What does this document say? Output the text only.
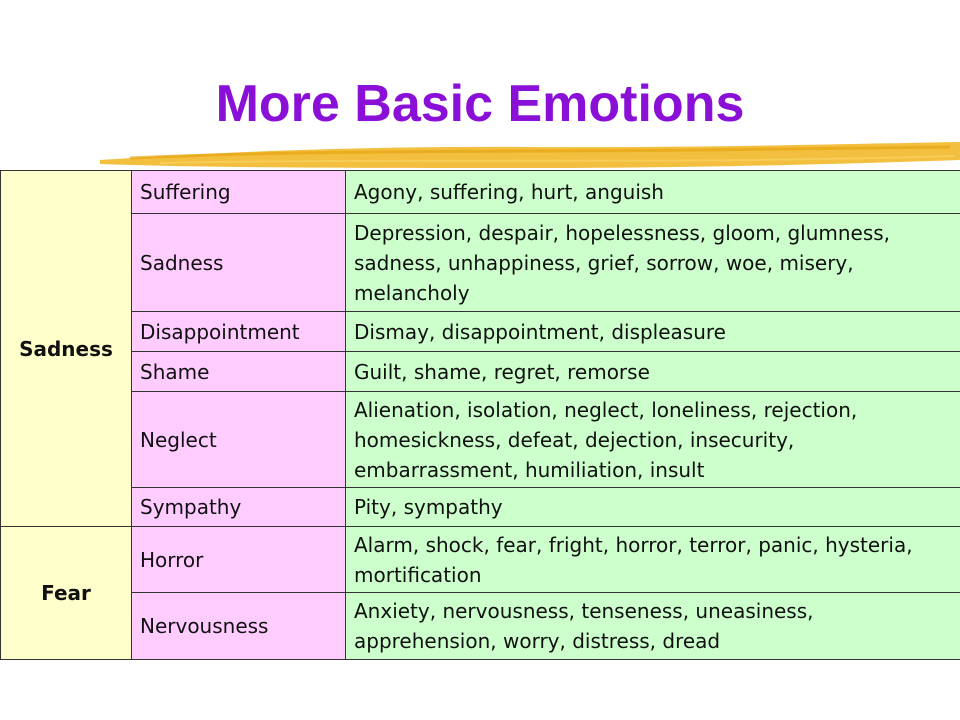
More Basic Emotions
Sadness	Suffering	Agony, suffering, hurt, anguish
	Sadness	Depression, despair, hopelessness, gloom, glumness, sadness, unhappiness, grief, sorrow, woe, misery, melancholy
	Disappointment	Dismay, disappointment, displeasure
	Shame	Guilt, shame, regret, remorse
	Neglect	Alienation, isolation, neglect, loneliness, rejection, homesickness, defeat, dejection, insecurity, embarrassment, humiliation, insult
	Sympathy	Pity, sympathy
Fear	Horror	Alarm, shock, fear, fright, horror, terror, panic, hysteria, mortification
	Nervousness	Anxiety, nervousness, tenseness, uneasiness, apprehension, worry, distress, dread
